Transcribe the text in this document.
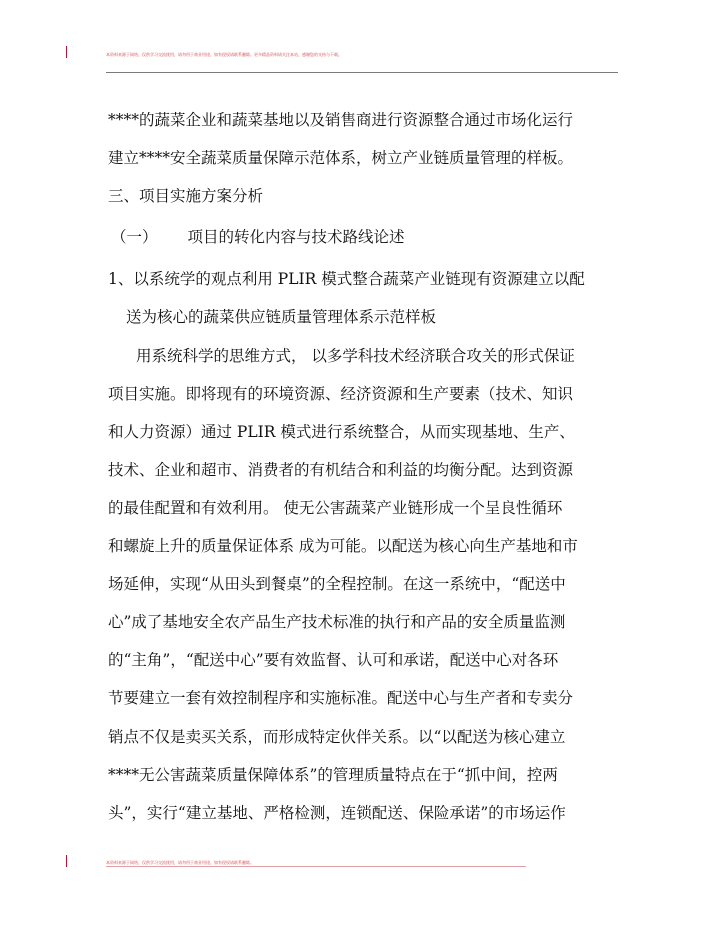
本资料来源于网络，仅供学习交流使用，请勿用于商业用途。如有侵权请联系删除。更多精品资料请关注本站，感谢您的支持与下载。
****的蔬菜企业和蔬菜基地以及销售商进行资源整合通过市场化运行
建立****安全蔬菜质量保障示范体系，树立产业链质量管理的样板。
三、项目实施方案分析
（一） 项目的转化内容与技术路线论述
1、以系统学的观点利用 PLIR 模式整合蔬菜产业链现有资源建立以配
送为核心的蔬菜供应链质量管理体系示范样板
用系统科学的思维方式， 以多学科技术经济联合攻关的形式保证
项目实施。即将现有的环境资源、经济资源和生产要素（技术、知识
和人力资源）通过 PLIR 模式进行系统整合，从而实现基地、生产、
技术、企业和超市、消费者的有机结合和利益的均衡分配。达到资源
的最佳配置和有效利用。 使无公害蔬菜产业链形成一个呈良性循环
和螺旋上升的质量保证体系 成为可能。以配送为核心向生产基地和市
场延伸，实现“从田头到餐桌”的全程控制。在这一系统中，“配送中
心”成了基地安全农产品生产技术标准的执行和产品的安全质量监测
的“主角”，“配送中心”要有效监督、认可和承诺，配送中心对各环
节要建立一套有效控制程序和实施标准。配送中心与生产者和专卖分
销点不仅是卖买关系，而形成特定伙伴关系。以“以配送为核心建立
****无公害蔬菜质量保障体系”的管理质量特点在于“抓中间，控两
头”，实行“建立基地、严格检测，连锁配送、保险承诺”的市场运作
本资料来源于网络，仅供学习交流使用，请勿用于商业用途。如有侵权请联系删除。
